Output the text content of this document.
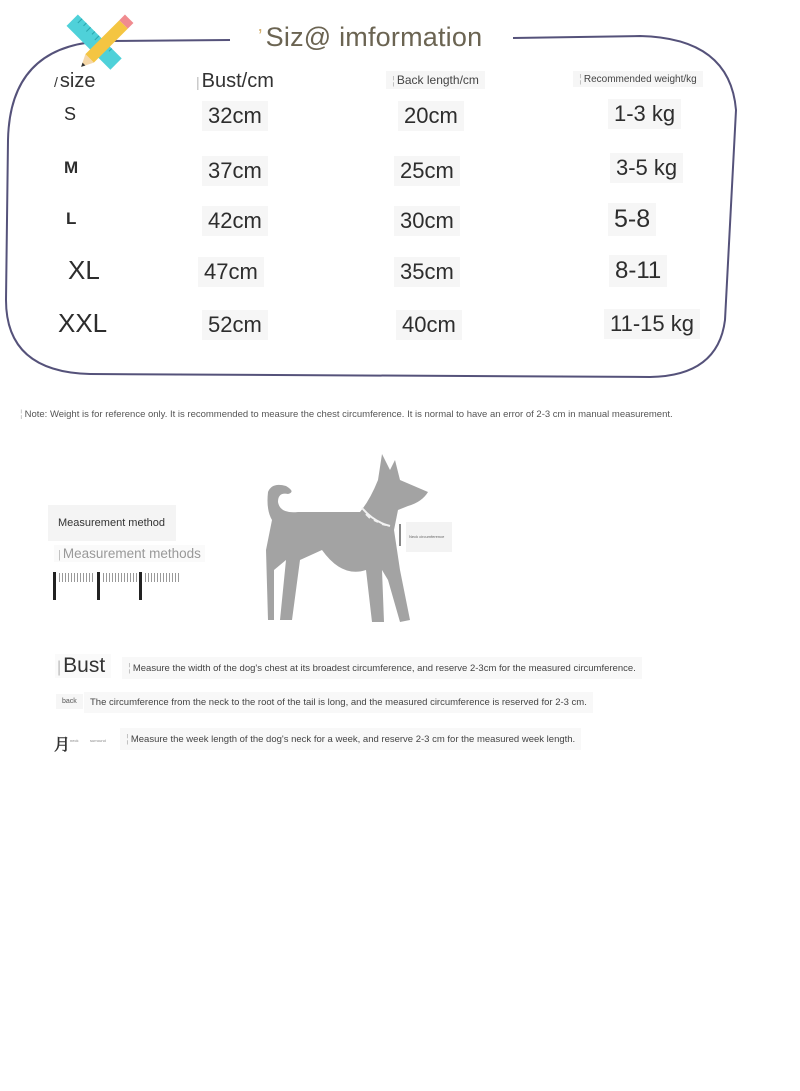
’ Siz@ imformation
/ size	| Bust/cm	¦ Back length/cm	¦ Recommended weight/kg
S	32cm	20cm	1-3 kg
M	37cm	25cm	3-5 kg
L	42cm	30cm	5-8
XL	47cm	35cm	8-11
XXL	52cm	40cm	11-15 kg
¦ Note: Weight is for reference only. It is recommended to measure the chest circumference. It is normal to have an error of 2-3 cm in manual measurement.
Measurement method
| Measurement methods
Neck circumference
|Bust	¦ Measure the width of the dog's chest at its broadest circumference, and reserve 2-3cm for the measured circumference.
back	The circumference from the neck to the root of the tail is long, and the measured circumference is reserved for 2-3 cm.
月 neck	surround	¦ Measure the week length of the dog's neck for a week, and reserve 2-3 cm for the measured week length.
